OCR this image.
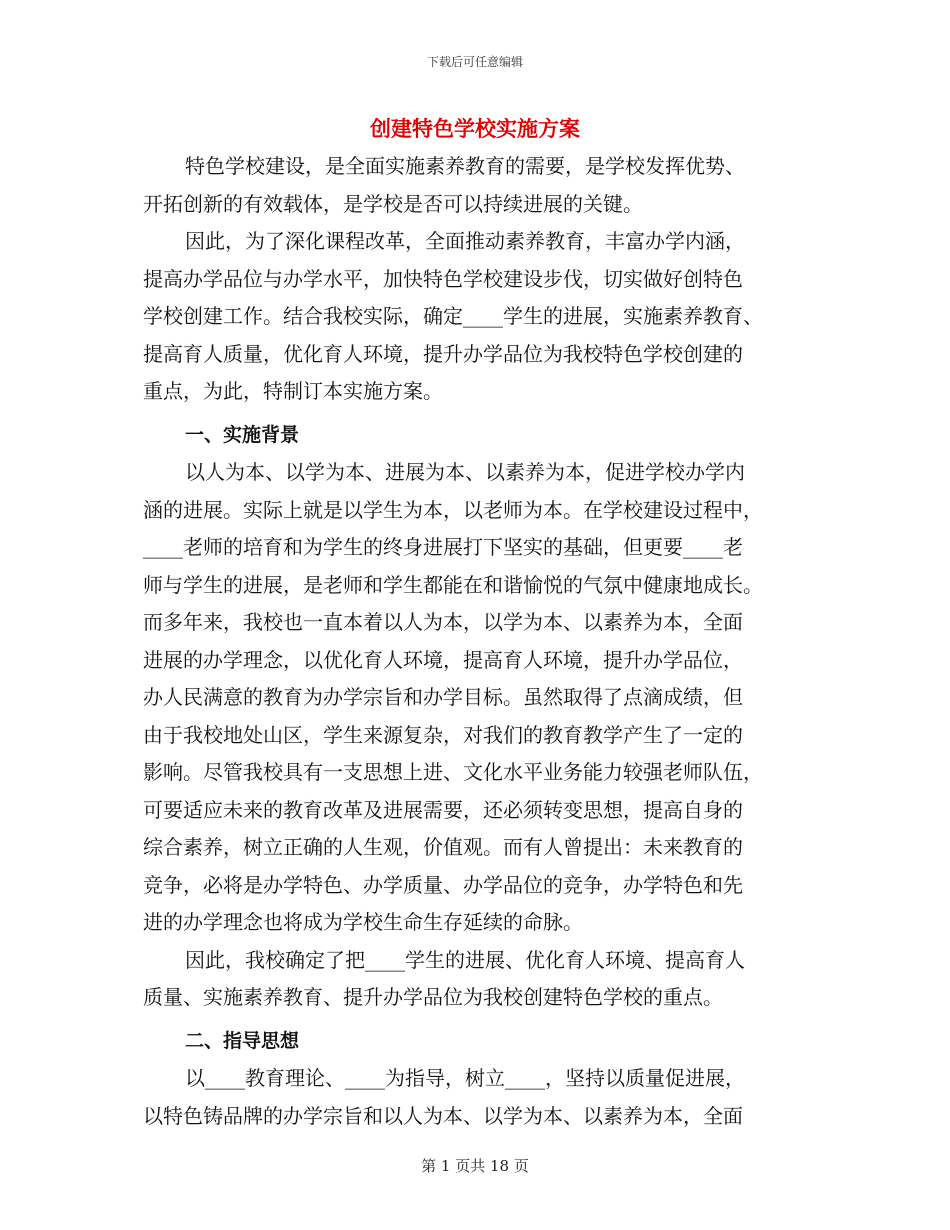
下载后可任意编辑
创建特色学校实施方案
特色学校建设，是全面实施素养教育的需要，是学校发挥优势、
开拓创新的有效载体，是学校是否可以持续进展的关键。
因此，为了深化课程改革，全面推动素养教育，丰富办学内涵，
提高办学品位与办学水平，加快特色学校建设步伐，切实做好创特色
学校创建工作。结合我校实际，确定____学生的进展，实施素养教育、
提高育人质量，优化育人环境，提升办学品位为我校特色学校创建的
重点，为此，特制订本实施方案。
一、实施背景
以人为本、以学为本、进展为本、以素养为本，促进学校办学内
涵的进展。实际上就是以学生为本，以老师为本。在学校建设过程中，
____老师的培育和为学生的终身进展打下坚实的基础，但更要____老
师与学生的进展，是老师和学生都能在和谐愉悦的气氛中健康地成长。
而多年来，我校也一直本着以人为本，以学为本、以素养为本，全面
进展的办学理念，以优化育人环境，提高育人环境，提升办学品位，
办人民满意的教育为办学宗旨和办学目标。虽然取得了点滴成绩，但
由于我校地处山区，学生来源复杂，对我们的教育教学产生了一定的
影响。尽管我校具有一支思想上进、文化水平业务能力较强老师队伍，
可要适应未来的教育改革及进展需要，还必须转变思想，提高自身的
综合素养，树立正确的人生观，价值观。而有人曾提出：未来教育的
竞争，必将是办学特色、办学质量、办学品位的竞争，办学特色和先
进的办学理念也将成为学校生命生存延续的命脉。
因此，我校确定了把____学生的进展、优化育人环境、提高育人
质量、实施素养教育、提升办学品位为我校创建特色学校的重点。
二、指导思想
以____教育理论、____为指导，树立____，坚持以质量促进展，
以特色铸品牌的办学宗旨和以人为本、以学为本、以素养为本，全面
第 1 页共 18 页
